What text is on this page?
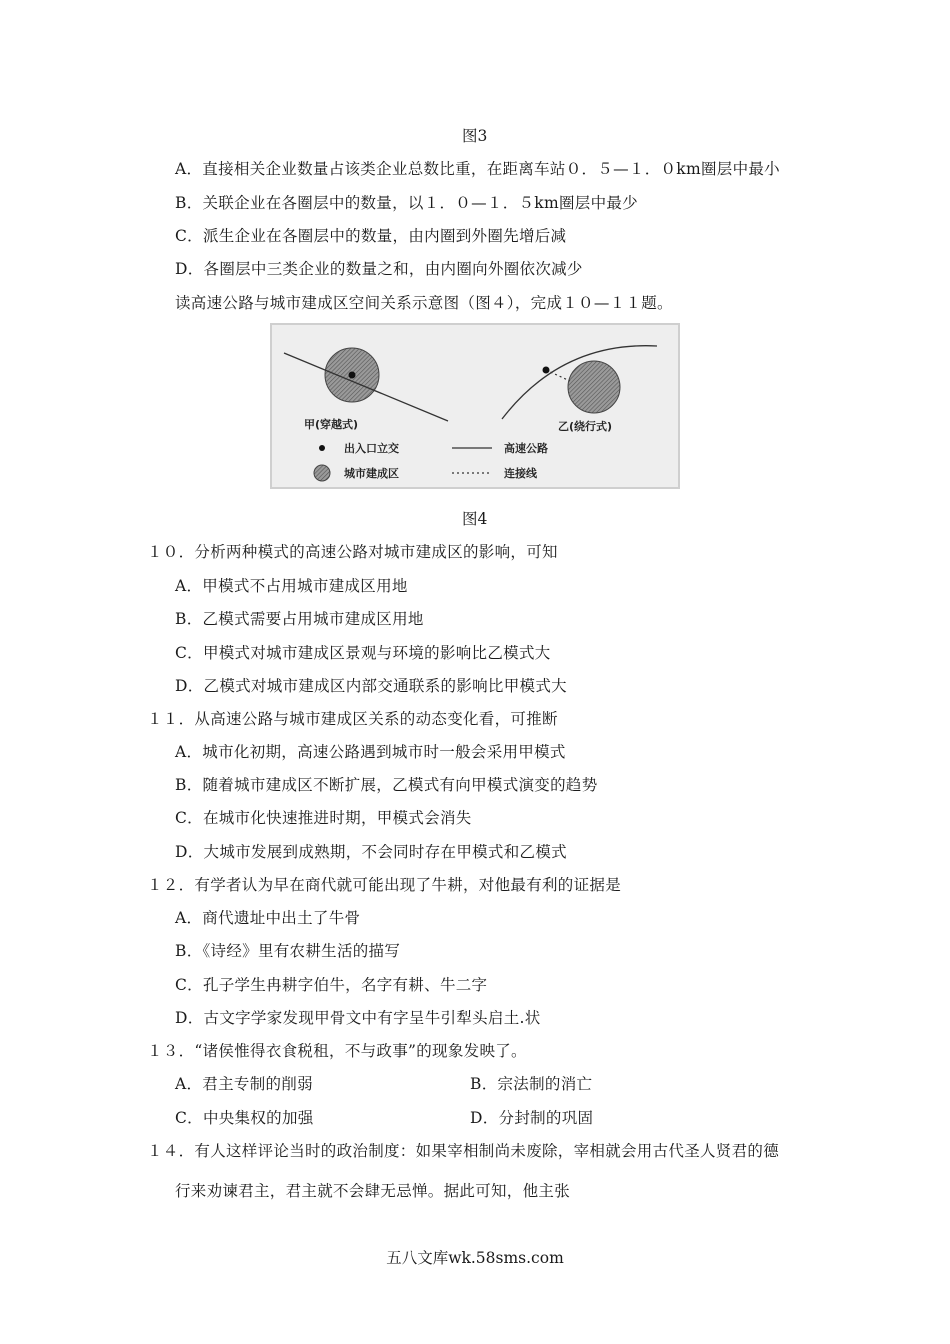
图3
A．直接相关企业数量占该类企业总数比重，在距离车站０．５—１．０km圈层中最小
B．关联企业在各圈层中的数量，以１．０—１．５km圈层中最少
C．派生企业在各圈层中的数量，由内圈到外圈先增后减
D．各圈层中三类企业的数量之和，由内圈向外圈依次减少
读高速公路与城市建成区空间关系示意图（图４），完成１０—１１题。
甲(穿越式)	乙(绕行式)
出入口立交	高速公路
城市建成区	连接线
图4
１０．分析两种模式的高速公路对城市建成区的影响，可知
A．甲模式不占用城市建成区用地
B．乙模式需要占用城市建成区用地
C．甲模式对城市建成区景观与环境的影响比乙模式大
D．乙模式对城市建成区内部交通联系的影响比甲模式大
１１．从高速公路与城市建成区关系的动态变化看，可推断
A．城市化初期，高速公路遇到城市时一般会采用甲模式
B．随着城市建成区不断扩展，乙模式有向甲模式演变的趋势
C．在城市化快速推进时期，甲模式会消失
D．大城市发展到成熟期，不会同时存在甲模式和乙模式
１２．有学者认为早在商代就可能出现了牛耕，对他最有利的证据是
A．商代遗址中出土了牛骨
B．《诗经》里有农耕生活的描写
C．孔子学生冉耕字伯牛，名字有耕、牛二字
D．古文字学家发现甲骨文中有字呈牛引犁头启土.状
１３．“诸侯惟得衣食税租，不与政事”的现象发映了。
A．君主专制的削弱	B．宗法制的消亡
C．中央集权的加强	D．分封制的巩固
１４．有人这样评论当时的政治制度：如果宰相制尚未废除，宰相就会用古代圣人贤君的德
行来劝谏君主，君主就不会肆无忌惮。据此可知，他主张
五八文库wk.58sms.com
